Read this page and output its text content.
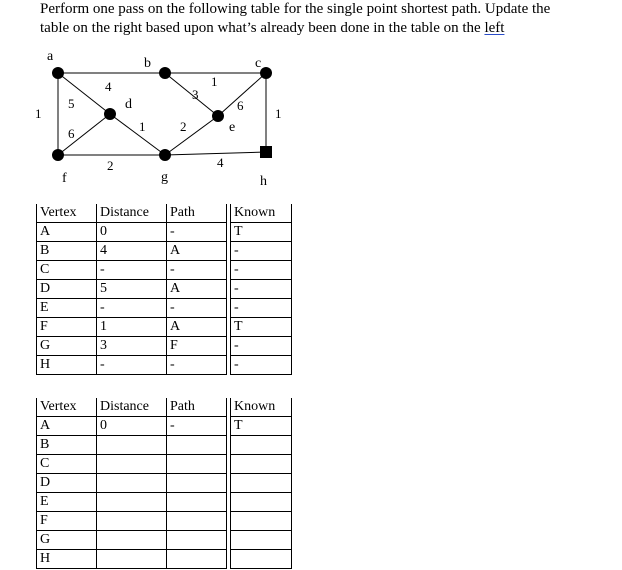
Perform one pass on the following table for the single point shortest path. Update the
table on the right based upon what’s already been done in the table on the left
a	b	c
d
e
f	g	h
4
5
1
6	1
2
3
1
6
1
2
4
Vertex	Distance	Path		Known
A	0	-		T
B	4	A		-
C	-	-		-
D	5	A		-
E	-	-		-
F	1	A		T
G	3	F		-
H	-	-		-
Vertex	Distance	Path		Known
A	0	-		T
B				
C				
D				
E				
F				
G				
H				
